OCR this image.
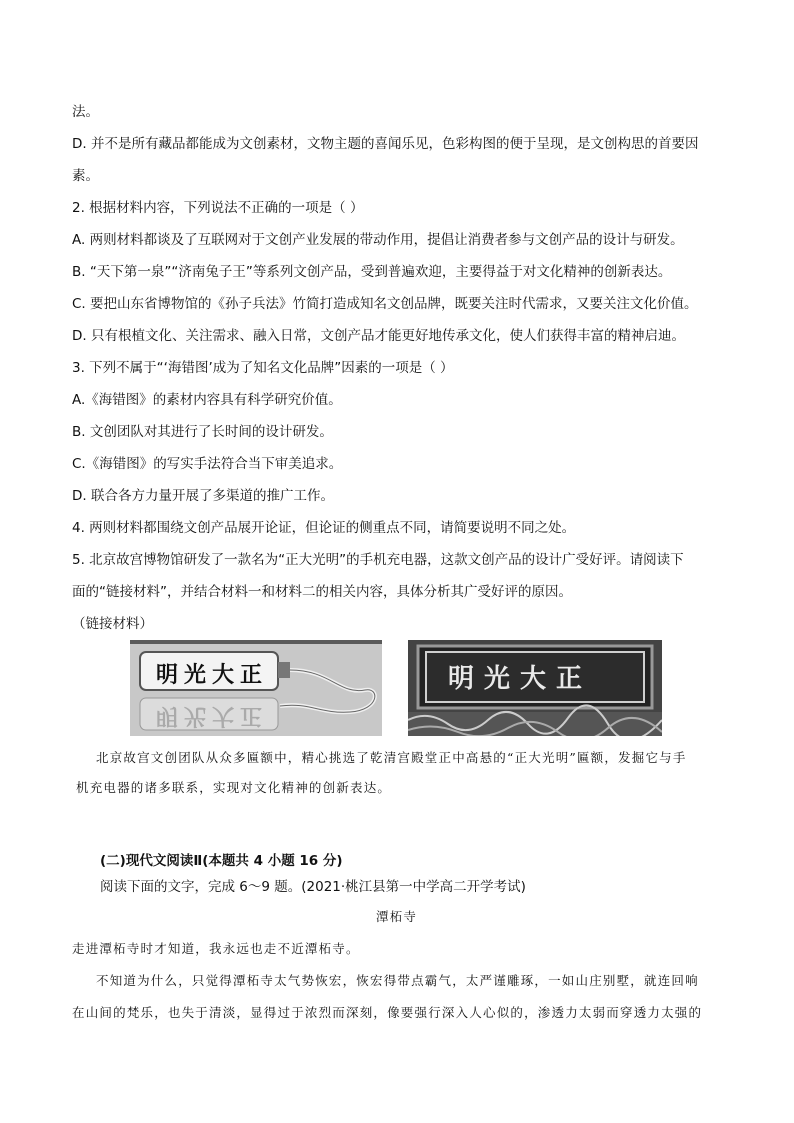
法。
D. 并不是所有藏品都能成为文创素材，文物主题的喜闻乐见，色彩构图的便于呈现，是文创构思的首要因
素。
2. 根据材料内容，下列说法不正确的一项是（ ）
A. 两则材料都谈及了互联网对于文创产业发展的带动作用，提倡让消费者参与文创产品的设计与研发。
B. “天下第一泉”“济南兔子王”等系列文创产品，受到普遍欢迎，主要得益于对文化精神的创新表达。
C. 要把山东省博物馆的《孙子兵法》竹简打造成知名文创品牌，既要关注时代需求，又要关注文化价值。
D. 只有根植文化、关注需求、融入日常，文创产品才能更好地传承文化，使人们获得丰富的精神启迪。
3. 下列不属于“‘海错图’成为了知名文化品牌”因素的一项是（ ）
A.《海错图》的素材内容具有科学研究价值。
B. 文创团队对其进行了长时间的设计研发。
C.《海错图》的写实手法符合当下审美追求。
D. 联合各方力量开展了多渠道的推广工作。
4. 两则材料都围绕文创产品展开论证，但论证的侧重点不同，请简要说明不同之处。
5. 北京故宫博物馆研发了一款名为“正大光明”的手机充电器，这款文创产品的设计广受好评。请阅读下
面的“链接材料”，并结合材料一和材料二的相关内容，具体分析其广受好评的原因。
（链接材料）
明光大正
明光大正
明光大正
北京故宫文创团队从众多匾额中，精心挑选了乾清宫殿堂正中高悬的“正大光明”匾额，发掘它与手
机充电器的诸多联系，实现对文化精神的创新表达。
(二)现代文阅读Ⅱ(本题共 4 小题 16 分)
阅读下面的文字，完成 6～9 题。(2021·桃江县第一中学高二开学考试)
潭柘寺
走进潭柘寺时才知道，我永远也走不近潭柘寺。
不知道为什么，只觉得潭柘寺太气势恢宏，恢宏得带点霸气，太严谨雕琢，一如山庄别墅，就连回响
在山间的梵乐，也失于清淡，显得过于浓烈而深刻，像要强行深入人心似的，渗透力太弱而穿透力太强的
